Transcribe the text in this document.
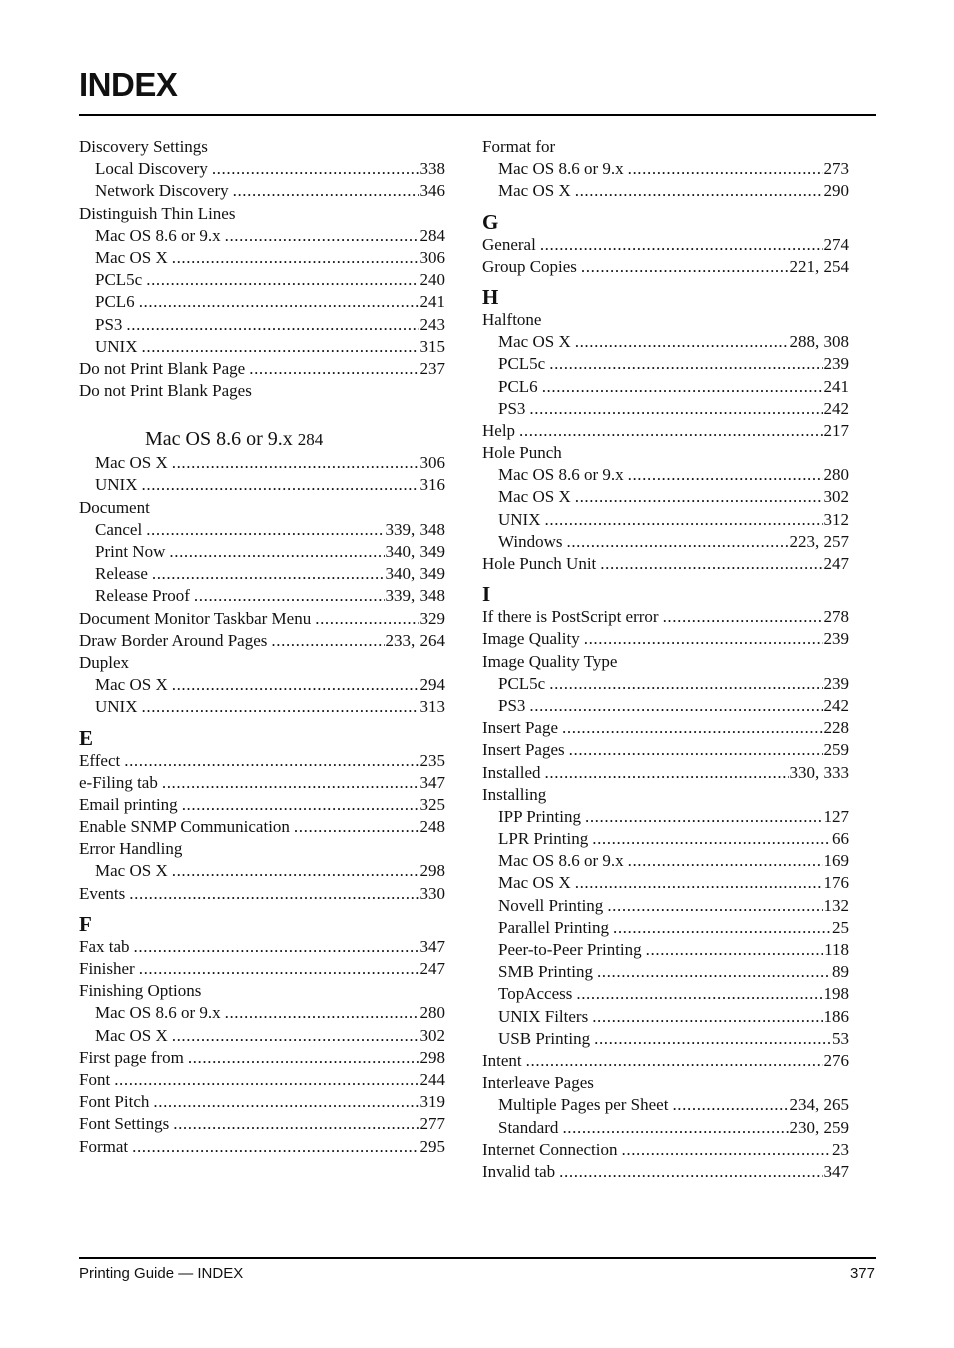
INDEX
Discovery Settings
Local Discovery .....	338
Network Discovery .....	346
Distinguish Thin Lines
Mac OS 8.6 or 9.x .....	284
Mac OS X .....	306
PCL5c .....	240
PCL6 .....	241
PS3 .....	243
UNIX .....	315
Do not Print Blank Page .....	237
Do not Print Blank Pages
Mac OS 8.6 or 9.x 284
Mac OS X .....	306
UNIX .....	316
Document
Cancel .....	339, 348
Print Now .....	340, 349
Release .....	340, 349
Release Proof .....	339, 348
Document Monitor Taskbar Menu .....	329
Draw Border Around Pages .....	233, 264
Duplex
Mac OS X .....	294
UNIX .....	313
E
Effect .....	235
e-Filing tab .....	347
Email printing .....	325
Enable SNMP Communication .....	248
Error Handling
Mac OS X .....	298
Events .....	330
F
Fax tab .....	347
Finisher .....	247
Finishing Options
Mac OS 8.6 or 9.x .....	280
Mac OS X .....	302
First page from .....	298
Font .....	244
Font Pitch .....	319
Font Settings .....	277
Format .....	295
Format for
Mac OS 8.6 or 9.x .....	273
Mac OS X .....	290
G
General .....	274
Group Copies .....	221, 254
H
Halftone
Mac OS X .....	288, 308
PCL5c .....	239
PCL6 .....	241
PS3 .....	242
Help .....	217
Hole Punch
Mac OS 8.6 or 9.x .....	280
Mac OS X .....	302
UNIX .....	312
Windows .....	223, 257
Hole Punch Unit .....	247
I
If there is PostScript error .....	278
Image Quality .....	239
Image Quality Type
PCL5c .....	239
PS3 .....	242
Insert Page .....	228
Insert Pages .....	259
Installed .....	330, 333
Installing
IPP Printing .....	127
LPR Printing .....	66
Mac OS 8.6 or 9.x .....	169
Mac OS X .....	176
Novell Printing .....	132
Parallel Printing .....	25
Peer-to-Peer Printing .....	118
SMB Printing .....	89
TopAccess .....	198
UNIX Filters .....	186
USB Printing .....	53
Intent .....	276
Interleave Pages
Multiple Pages per Sheet .....	234, 265
Standard .....	230, 259
Internet Connection .....	23
Invalid tab .....	347
Printing Guide — INDEX	377
